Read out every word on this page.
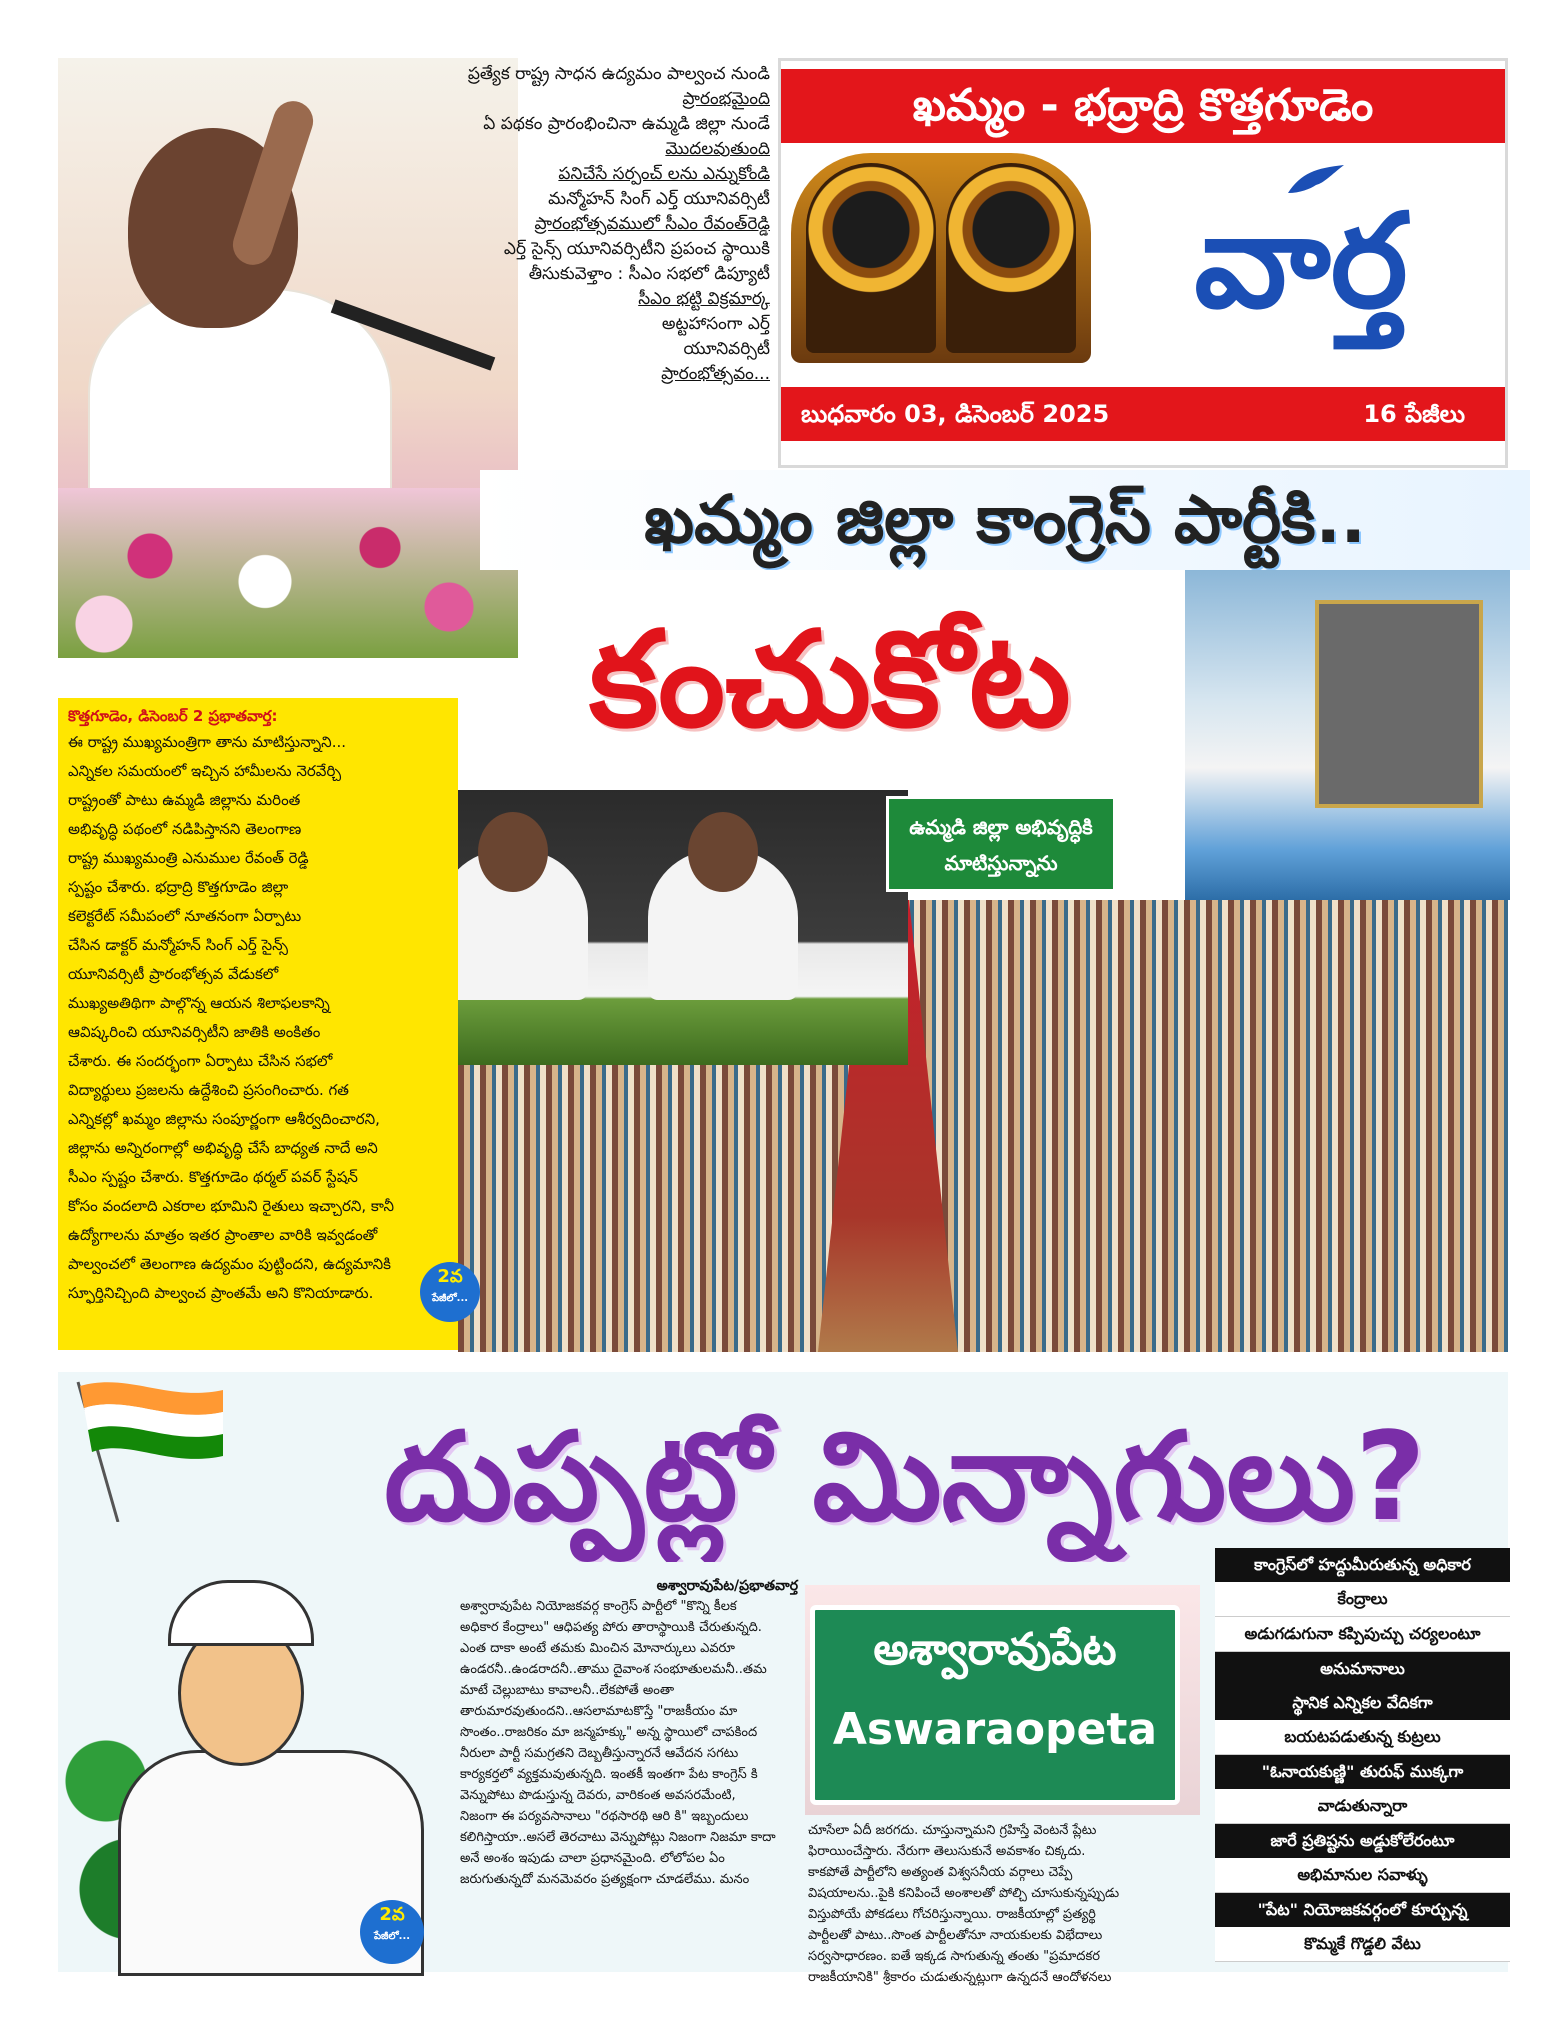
ప్రత్యేక రాష్ట్ర సాధన ఉద్యమం పాల్వంచ నుండి
ప్రారంభమైంది
ఏ పథకం ప్రారంభించినా ఉమ్మడి జిల్లా నుండే
మొదలవుతుంది
పనిచేసే సర్పంచ్ లను ఎన్నుకోండి
మన్మోహన్ సింగ్ ఎర్త్ యూనివర్సిటీ
ప్రారంభోత్సవములో సీఎం రేవంత్‌రెడ్డి
ఎర్త్ సైన్స్ యూనివర్సిటీని ప్రపంచ స్థాయికి
తీసుకువెళ్తాం : సీఎం సభలో డిప్యూటీ
సీఎం భట్టి విక్రమార్క
అట్టహాసంగా ఎర్త్
యూనివర్సిటీ
ప్రారంభోత్సవం...
ఖమ్మం - భద్రాద్రి కొత్తగూడెం
వార్త
బుధవారం 03, డిసెంబర్ 2025	16 పేజీలు
ఖమ్మం జిల్లా కాంగ్రెస్ పార్టీకి..
కంచుకోట
ఉమ్మడి జిల్లా అభివృద్ధికి
మాటిస్తున్నాను
కొత్తగూడెం, డిసెంబర్ 2 ప్రభాతవార్త:
ఈ రాష్ట్ర ముఖ్యమంత్రిగా తాను మాటిస్తున్నాని...
ఎన్నికల సమయంలో ఇచ్చిన హామీలను నెరవేర్చి
రాష్ట్రంతో పాటు ఉమ్మడి జిల్లాను మరింత
అభివృద్ధి పథంలో నడిపిస్తానని తెలంగాణ
రాష్ట్ర ముఖ్యమంత్రి ఎనుముల రేవంత్ రెడ్డి
స్పష్టం చేశారు. భద్రాద్రి కొత్తగూడెం జిల్లా
కలెక్టరేట్ సమీపంలో నూతనంగా ఏర్పాటు
చేసిన డాక్టర్ మన్మోహన్ సింగ్ ఎర్త్ సైన్స్
యూనివర్సిటీ ప్రారంభోత్సవ వేడుకలో
ముఖ్యఅతిథిగా పాల్గొన్న ఆయన శిలాఫలకాన్ని
ఆవిష్కరించి యూనివర్సిటీని జాతికి అంకితం
చేశారు. ఈ సందర్భంగా ఏర్పాటు చేసిన సభలో
విద్యార్థులు ప్రజలను ఉద్దేశించి ప్రసంగించారు. గత
ఎన్నికల్లో ఖమ్మం జిల్లాను సంపూర్ణంగా ఆశీర్వదించారని,
జిల్లాను అన్నిరంగాల్లో అభివృద్ధి చేసే బాధ్యత నాదే అని
సీఎం స్పష్టం చేశారు. కొత్తగూడెం థర్మల్ పవర్ స్టేషన్
కోసం వందలాది ఎకరాల భూమిని రైతులు ఇచ్చారని, కానీ
ఉద్యోగాలను మాత్రం ఇతర ప్రాంతాల వారికి ఇవ్వడంతో
పాల్వంచలో తెలంగాణ ఉద్యమం పుట్టిందని, ఉద్యమానికి
స్ఫూర్తినిచ్చింది పాల్వంచ ప్రాంతమే అని కొనియాడారు.
2వ
పేజీలో...
దుప్పట్లో మిన్నాగులు?
అశ్వారావుపేట/ప్రభాతవార్త
అశ్వారావుపేట నియోజకవర్గ కాంగ్రెస్ పార్టీలో "కొన్ని కీలక
అధికార కేంద్రాలు" ఆధిపత్య పోరు తారాస్థాయికి చేరుతున్నది.
ఎంత దాకా అంటే తమకు మించిన మోనార్కులు ఎవరూ
ఉండరనీ..ఉండరాదనీ..తాము దైవాంశ సంభూతులమనీ..తమ
మాటే చెల్లుబాటు కావాలనీ..లేకపోతే అంతా
తారుమారవుతుందని..ఆసలామాటకొస్తే "రాజకీయం మా
సొంతం..రాజరికం మా జన్మహక్కు" అన్న స్థాయిలో చాపకింద
నీరులా పార్టీ సమగ్రతని దెబ్బతీస్తున్నారనే ఆవేదన సగటు
కార్యకర్తలో వ్యక్తమవుతున్నది. ఇంతకీ ఇంతగా పేట కాంగ్రెస్ కి
వెన్నుపోటు పొడుస్తున్న దెవరు, వారికంత అవసరమేంటి,
నిజంగా ఈ పర్యవసానాలు "రథసారథి ఆరి కి" ఇబ్బందులు
కలిగిస్తాయా..అసలే తెరచాటు వెన్నుపోట్లు నిజంగా నిజమా కాదా
అనే అంశం ఇపుడు చాలా ప్రధానమైంది. లోలోపల ఏం
జరుగుతున్నదో మనమెవరం ప్రత్యక్షంగా చూడలేము. మనం
అశ్వారావుపేట
Aswaraopeta
చూసేలా ఏదీ జరగదు. చూస్తున్నామని గ్రహిస్తే వెంటనే ప్లేటు
ఫిరాయించేస్తారు. నేరుగా తెలుసుకునే అవకాశం చిక్కదు.
కాకపోతే పార్టీలోని అత్యంత విశ్వసనీయ వర్గాలు చెప్పే
విషయాలను..పైకి కనిపించే అంశాలతో పోల్చి చూసుకున్నప్పుడు
విస్తుపోయే పోకడలు గోచరిస్తున్నాయి. రాజకీయాల్లో ప్రత్యర్థి
పార్టీలతో పాటు..సొంత పార్టీలతోనూ నాయకులకు విభేదాలు
సర్వసాధారణం. ఐతే ఇక్కడ సాగుతున్న తంతు "ప్రమాదకర
రాజకీయానికి" శ్రీకారం చుడుతున్నట్లుగా ఉన్నదనే ఆందోళనలు
2వ
పేజీలో...
కాంగ్రెస్‌లో హద్దుమీరుతున్న అధికార
కేంద్రాలు
అడుగడుగునా కప్పిపుచ్చు చర్యలంటూ
అనుమానాలు
స్థానిక ఎన్నికల వేదికగా
బయటపడుతున్న కుట్రలు
"ఓనాయకుణ్ణి" తురుఫ్ ముక్కగా
వాడుతున్నారా
జారే ప్రతిష్టను అడ్డుకోలేరంటూ
అభిమానుల సవాళ్ళు
"పేట" నియోజకవర్గంలో కూర్చున్న
కొమ్మకే గొడ్డలి వేటు
